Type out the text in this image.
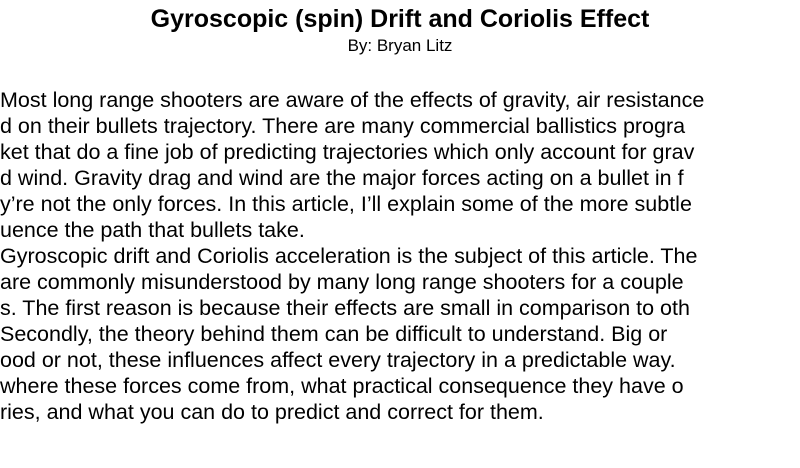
Gyroscopic (spin) Drift and Coriolis Effect
By: Bryan Litz
Most long range shooters are aware of the effects of gravity, air resistance
d on their bullets trajectory. There are many commercial ballistics progra
ket that do a fine job of predicting trajectories which only account for grav
d wind. Gravity drag and wind are the major forces acting on a bullet in f
y’re not the only forces. In this article, I’ll explain some of the more subtle
uence the path that bullets take.
Gyroscopic drift and Coriolis acceleration is the subject of this article. The
are commonly misunderstood by many long range shooters for a couple
s. The first reason is because their effects are small in comparison to oth
Secondly, the theory behind them can be difficult to understand. Big or
ood or not, these influences affect every trajectory in a predictable way.
where these forces come from, what practical consequence they have o
ries, and what you can do to predict and correct for them.
